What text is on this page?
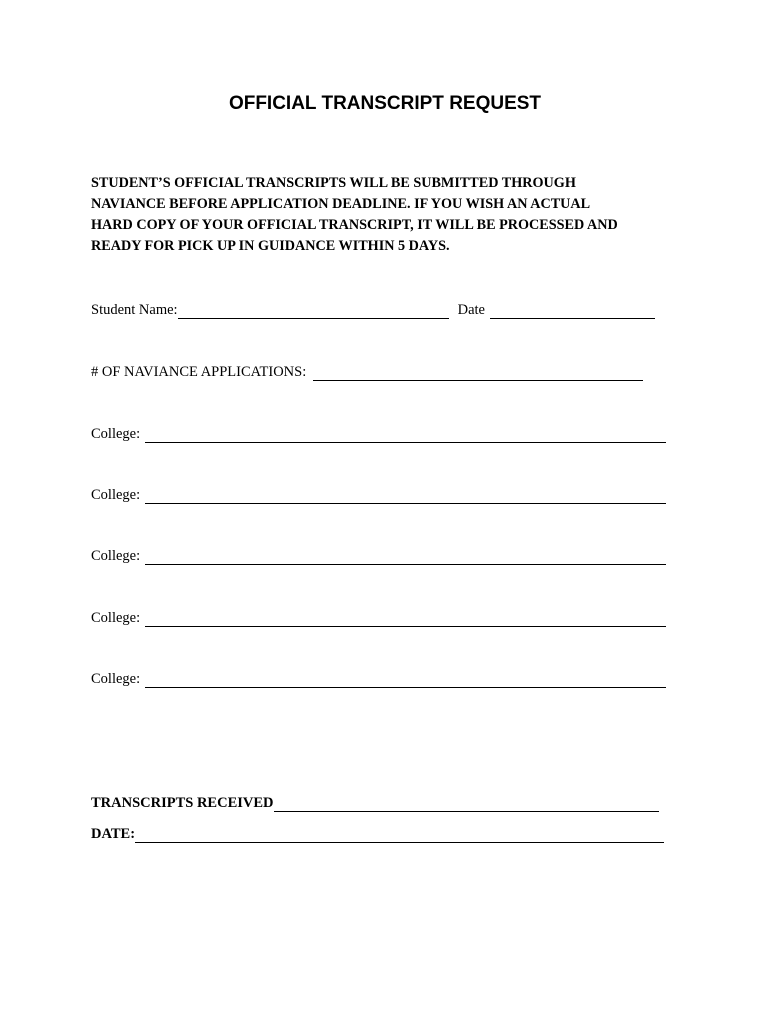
OFFICIAL TRANSCRIPT REQUEST
STUDENT’S OFFICIAL TRANSCRIPTS WILL BE SUBMITTED THROUGH
NAVIANCE BEFORE APPLICATION DEADLINE. IF YOU WISH AN ACTUAL
HARD COPY OF YOUR OFFICIAL TRANSCRIPT, IT WILL BE PROCESSED AND
READY FOR PICK UP IN GUIDANCE WITHIN 5 DAYS.
Student Name:	Date
# OF NAVIANCE APPLICATIONS:
College:
College:
College:
College:
College:
TRANSCRIPTS RECEIVED
DATE:
